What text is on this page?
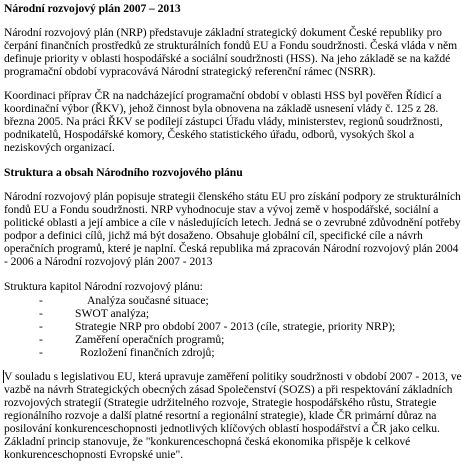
Národní rozvojový plán 2007 – 2013
Národní rozvojový plán (NRP) představuje základní strategický dokument České republiky pro
čerpání finančních prostředků ze strukturálních fondů EU a Fondu soudržnosti. Česká vláda v něm
definuje priority v oblasti hospodářské a sociální soudržnosti (HSS). Na jeho základě se na každé
programační období vypracovává Národní strategický referenční rámec (NSRR).
Koordinaci příprav ČR na nadcházející programační období v oblasti HSS byl pověřen Řídicí a
koordinační výbor (ŘKV), jehož činnost byla obnovena na základě usnesení vlády č. 125 z 28.
března 2005. Na práci ŘKV se podílejí zástupci Úřadu vlády, ministerstev, regionů soudržnosti,
podnikatelů, Hospodářské komory, Českého statistického úřadu, odborů, vysokých škol a
neziskových organizací.
Struktura a obsah Národního rozvojového plánu
Národní rozvojový plán popisuje strategii členského státu EU pro získání podpory ze strukturálních
fondů EU a Fondu soudržnosti. NRP vyhodnocuje stav a vývoj země v hospodářské, sociální a
politické oblasti a její ambice a cíle v následujících letech. Jedná se o zevrubné zdůvodnění potřeby
podpor a definici cílů, jichž má být dosaženo. Obsahuje globální cíl, specifické cíle a návrh
operačních programů, které je naplní. Česká republika má zpracován Národní rozvojový plán 2004
- 2006 a Národní rozvojový plán 2007 - 2013
Struktura kapitol Národní rozvojový plánu:
-	Analýza současné situace;
-	SWOT analýza;
-	Strategie NRP pro období 2007 - 2013 (cíle, strategie, priority NRP);
-	Zaměření operačních programů;
-	Rozložení finančních zdrojů;
V souladu s legislativou EU, která upravuje zaměření politiky soudržnosti v období 2007 - 2013, ve
vazbě na návrh Strategických obecných zásad Společenství (SOZS) a při respektování základních
rozvojových strategií (Strategie udržitelného rozvoje, Strategie hospodářského růstu, Strategie
regionálního rozvoje a další platné resortní a regionální strategie), klade ČR primární důraz na
posilování konkurenceschopnosti jednotlivých klíčových oblastí hospodářství a ČR jako celku.
Základní princip stanovuje, že "konkurenceschopná česká ekonomika přispěje k celkové
konkurenceschopnosti Evropské unie".
